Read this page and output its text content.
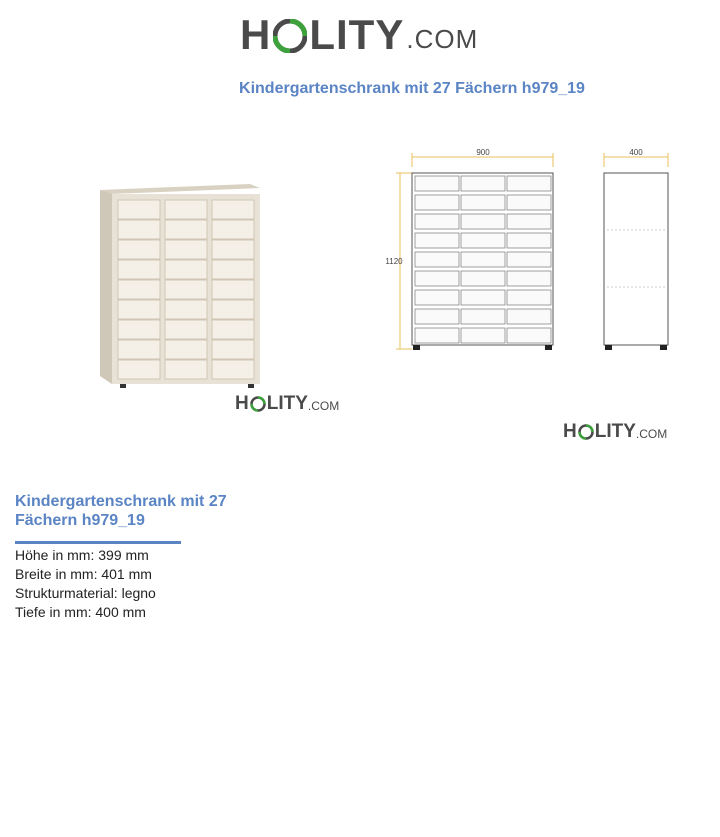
H LITY .COM
Kindergartenschrank mit 27 Fächern h979_19
H LITY .COM
900
1120
400
H LITY .COM
Kindergartenschrank mit 27
Fächern h979_19
Höhe in mm: 399 mm
Breite in mm: 401 mm
Strukturmaterial: legno
Tiefe in mm: 400 mm
